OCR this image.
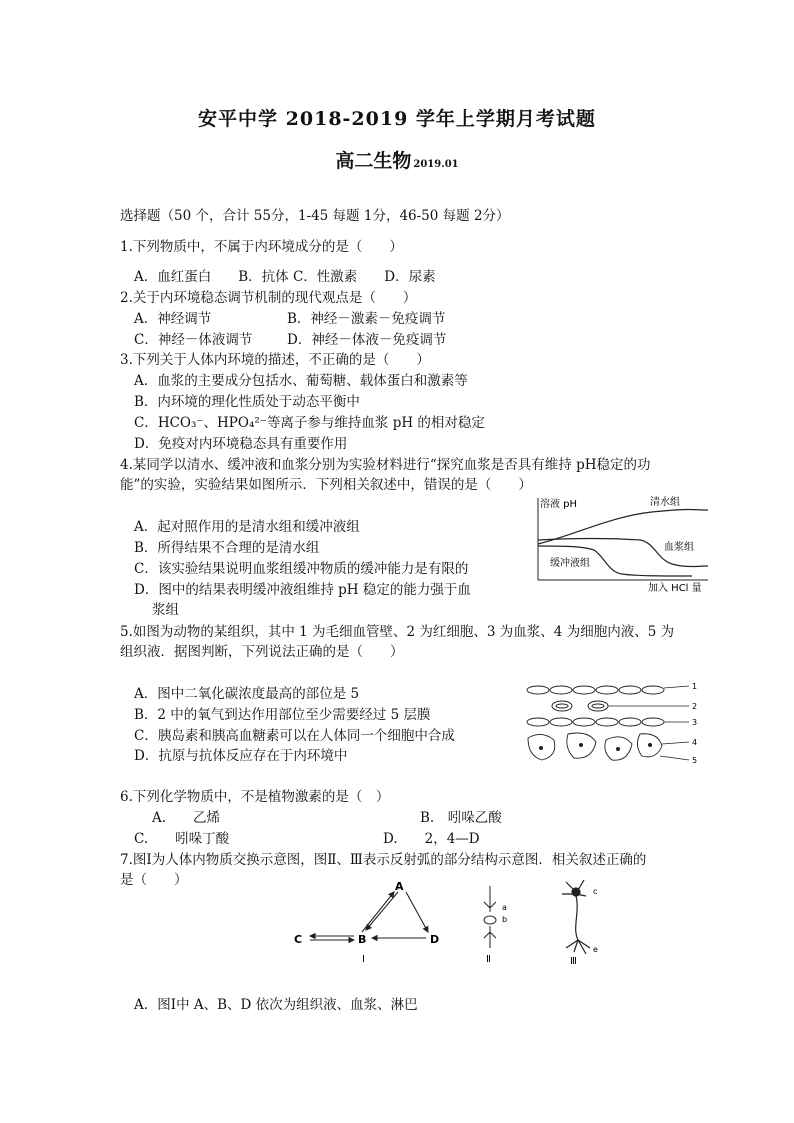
安平中学 2018-2019 学年上学期月考试题
高二生物 2019.01
选择题（50 个，合计 55分，1-45 每题 1分，46-50 每题 2分）
1.下列物质中，不属于内环境成分的是（　　）
A．血红蛋白　　B．抗体 C．性激素　　D．尿素
2.关于内环境稳态调节机制的现代观点是（　　）
A．神经调节	B．神经－激素－免疫调节
C．神经－体液调节	D．神经－体液－免疫调节
3.下列关于人体内环境的描述，不正确的是（　　）
A．血浆的主要成分包括水、葡萄糖、载体蛋白和激素等
B．内环境的理化性质处于动态平衡中
C．HCO₃⁻、HPO₄²⁻等离子参与维持血浆 pH 的相对稳定
D．免疫对内环境稳态具有重要作用
4.某同学以清水、缓冲液和血浆分别为实验材料进行“探究血浆是否具有维持 pH稳定的功
能”的实验，实验结果如图所示．下列相关叙述中，错误的是（　　）
A．起对照作用的是清水组和缓冲液组
B．所得结果不合理的是清水组
C．该实验结果说明血浆组缓冲物质的缓冲能力是有限的
D．图中的结果表明缓冲液组维持 pH 稳定的能力强于血
浆组
溶液 pH	清水组
血浆组
缓冲液组
加入 HCl 量
5.如图为动物的某组织，其中 1 为毛细血管壁、2 为红细胞、3 为血浆、4 为细胞内液、5 为
组织液．据图判断，下列说法正确的是（　　）
A．图中二氧化碳浓度最高的部位是 5
B．2 中的氧气到达作用部位至少需要经过 5 层膜
C．胰岛素和胰高血糖素可以在人体同一个细胞中合成
D．抗原与抗体反应存在于内环境中
1
2
3
4
5
6.下列化学物质中，不是植物激素的是（　）
A.　　乙烯	B.　吲哚乙酸
C.　　吲哚丁酸	D.　　2，4—D
7.图Ⅰ为人体内物质交换示意图，图Ⅱ、Ⅲ表示反射弧的部分结构示意图．相关叙述正确的
是（　　）	A
B
C	D
Ⅰ
a
b
Ⅱ
c
e
Ⅲ
A．图Ⅰ中 A、B、D 依次为组织液、血浆、淋巴
